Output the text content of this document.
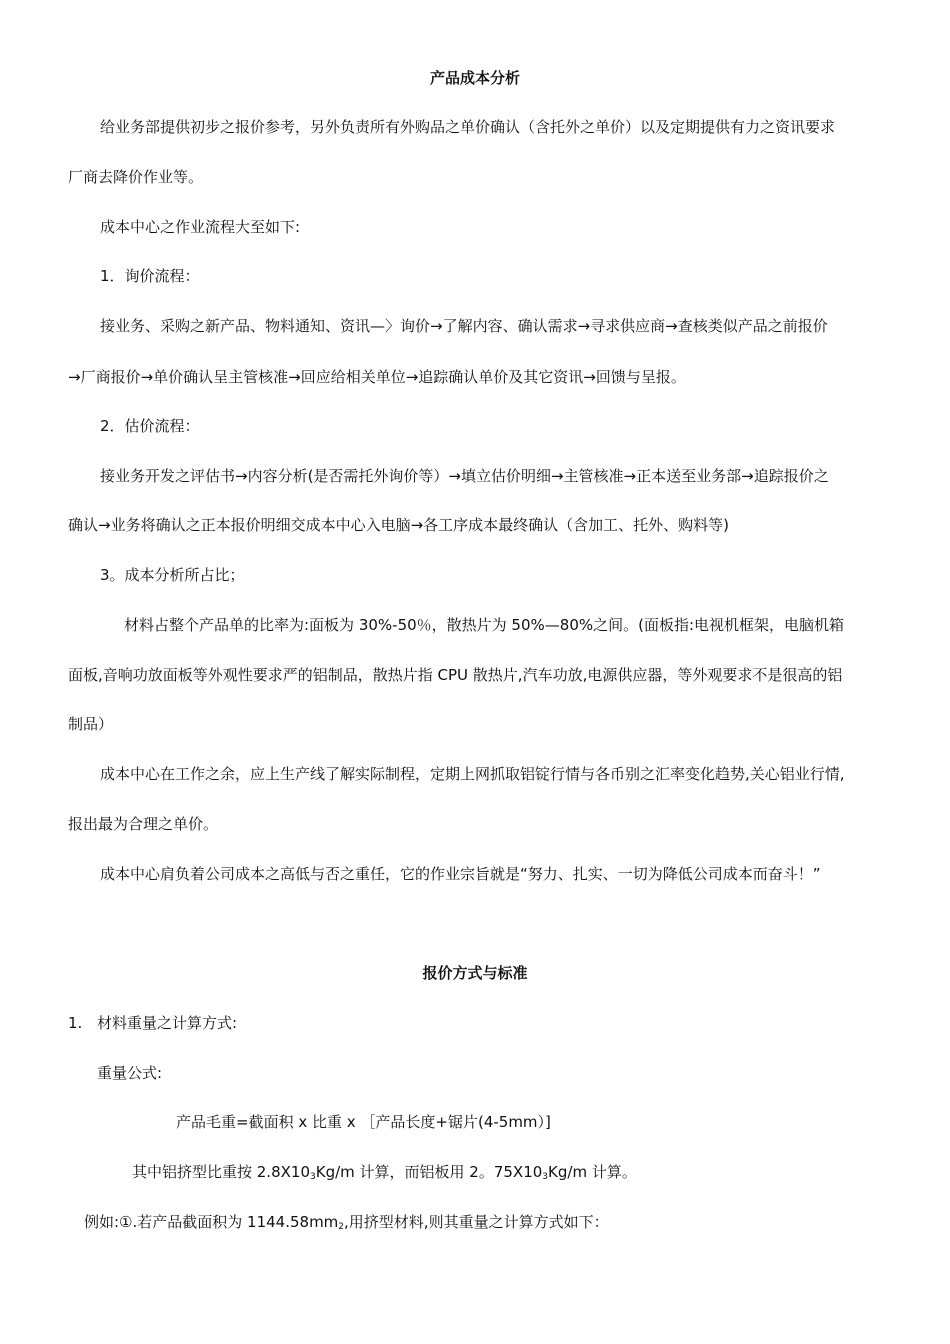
产品成本分析
给业务部提供初步之报价参考，另外负责所有外购品之单价确认（含托外之单价）以及定期提供有力之资讯要求
厂商去降价作业等。
成本中心之作业流程大至如下:
1．询价流程：
接业务、采购之新产品、物料通知、资讯—〉询价→了解内容、确认需求→寻求供应商→查核类似产品之前报价
→厂商报价→单价确认呈主管核准→回应给相关单位→追踪确认单价及其它资讯→回馈与呈报。
2．估价流程：
接业务开发之评估书→内容分析(是否需托外询价等）→填立估价明细→主管核准→正本送至业务部→追踪报价之
确认→业务将确认之正本报价明细交成本中心入电脑→各工序成本最终确认（含加工、托外、购料等)
3。成本分析所占比；
材料占整个产品单的比率为:面板为 30%-50％，散热片为 50%—80%之间。(面板指:电视机框架，电脑机箱
面板,音响功放面板等外观性要求严的铝制品，散热片指 CPU 散热片,汽车功放,电源供应器，等外观要求不是很高的铝
制品）
成本中心在工作之余，应上生产线了解实际制程，定期上网抓取铝锭行情与各币别之汇率变化趋势,关心铝业行情,
报出最为合理之单价。
成本中心肩负着公司成本之高低与否之重任，它的作业宗旨就是“努力、扎实、一切为降低公司成本而奋斗！”
报价方式与标准
1. 材料重量之计算方式:
重量公式:
产品毛重=截面积 x 比重 x ［产品长度+锯片(4-5mm）]
其中铝挤型比重按 $2.8X10_3Kg/m$ 计算，而铝板用 2。$75X10_3Kg/m$ 计算。
例如:①.若产品截面积为 $1144.58mm_2$,用挤型材料,则其重量之计算方式如下：
